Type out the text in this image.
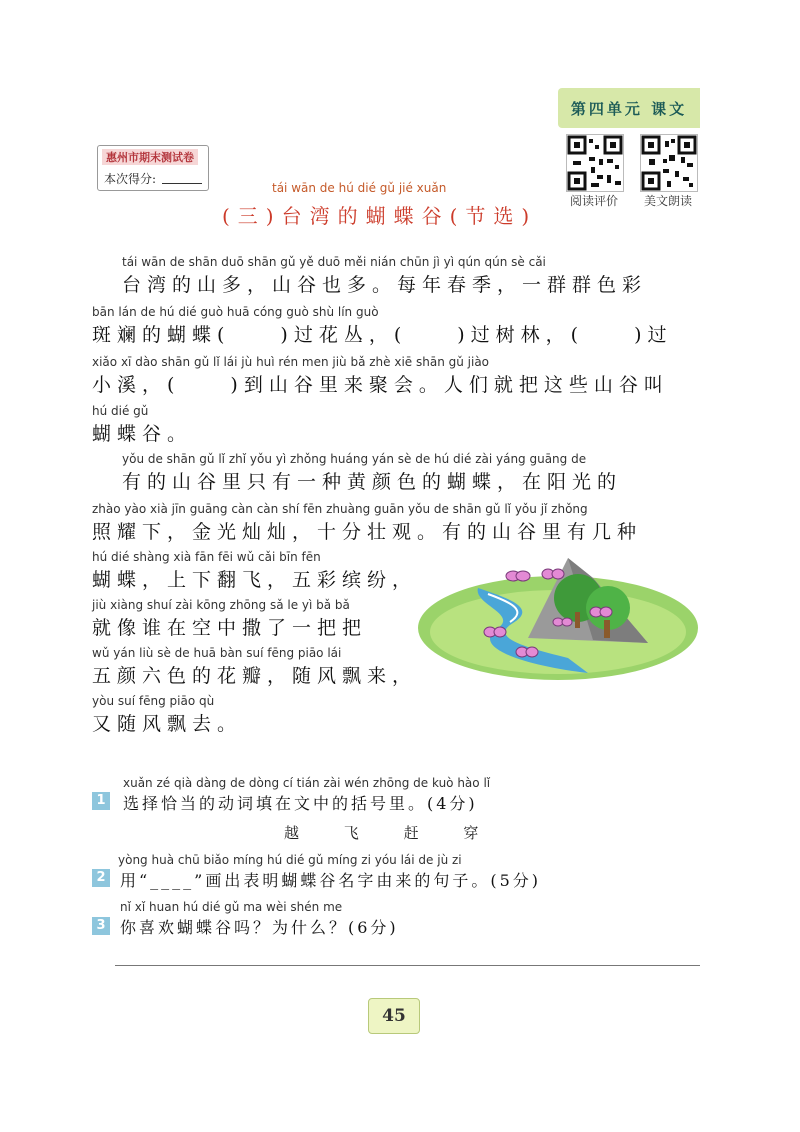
第四单元 课文
阅读评价	美文朗读
惠州市期末测试卷
本次得分:
tái wān de hú dié gǔ jié xuǎn
(三)台湾的蝴蝶谷(节选)
tái wān de shān duō shān gǔ yě duō měi nián chūn jì yì qún qún sè cǎi
台湾的山多，山谷也多。每年春季，一群群色彩
bān lán de hú dié guò huā cóng guò shù lín guò
斑斓的蝴蝶(　　)过花丛，(　　)过树林，(　　)过
xiǎo xī dào shān gǔ lǐ lái jù huì rén men jiù bǎ zhè xiē shān gǔ jiào
小溪，(　　)到山谷里来聚会。人们就把这些山谷叫
hú dié gǔ
蝴蝶谷。
yǒu de shān gǔ lǐ zhǐ yǒu yì zhǒng huáng yán sè de hú dié zài yáng guāng de
有的山谷里只有一种黄颜色的蝴蝶，在阳光的
zhào yào xià jīn guāng càn càn shí fēn zhuàng guān yǒu de shān gǔ lǐ yǒu jǐ zhǒng
照耀下，金光灿灿，十分壮观。有的山谷里有几种
hú dié shàng xià fān fēi wǔ cǎi bīn fēn
蝴蝶，上下翻飞，五彩缤纷，
jiù xiàng shuí zài kōng zhōng sǎ le yì bǎ bǎ
就像谁在空中撒了一把把
wǔ yán liù sè de huā bàn suí fēng piāo lái
五颜六色的花瓣，随风飘来，
yòu suí fēng piāo qù
又随风飘去。
xuǎn zé qià dàng de dòng cí tián zài wén zhōng de kuò hào lǐ
1 选择恰当的动词填在文中的括号里。(4分)
越	飞	赶	穿
yòng huà chū biǎo míng hú dié gǔ míng zi yóu lái de jù zi
2 用“____”画出表明蝴蝶谷名字由来的句子。(5分)
nǐ xǐ huan hú dié gǔ ma wèi shén me
3 你喜欢蝴蝶谷吗？为什么？(6分)
45
